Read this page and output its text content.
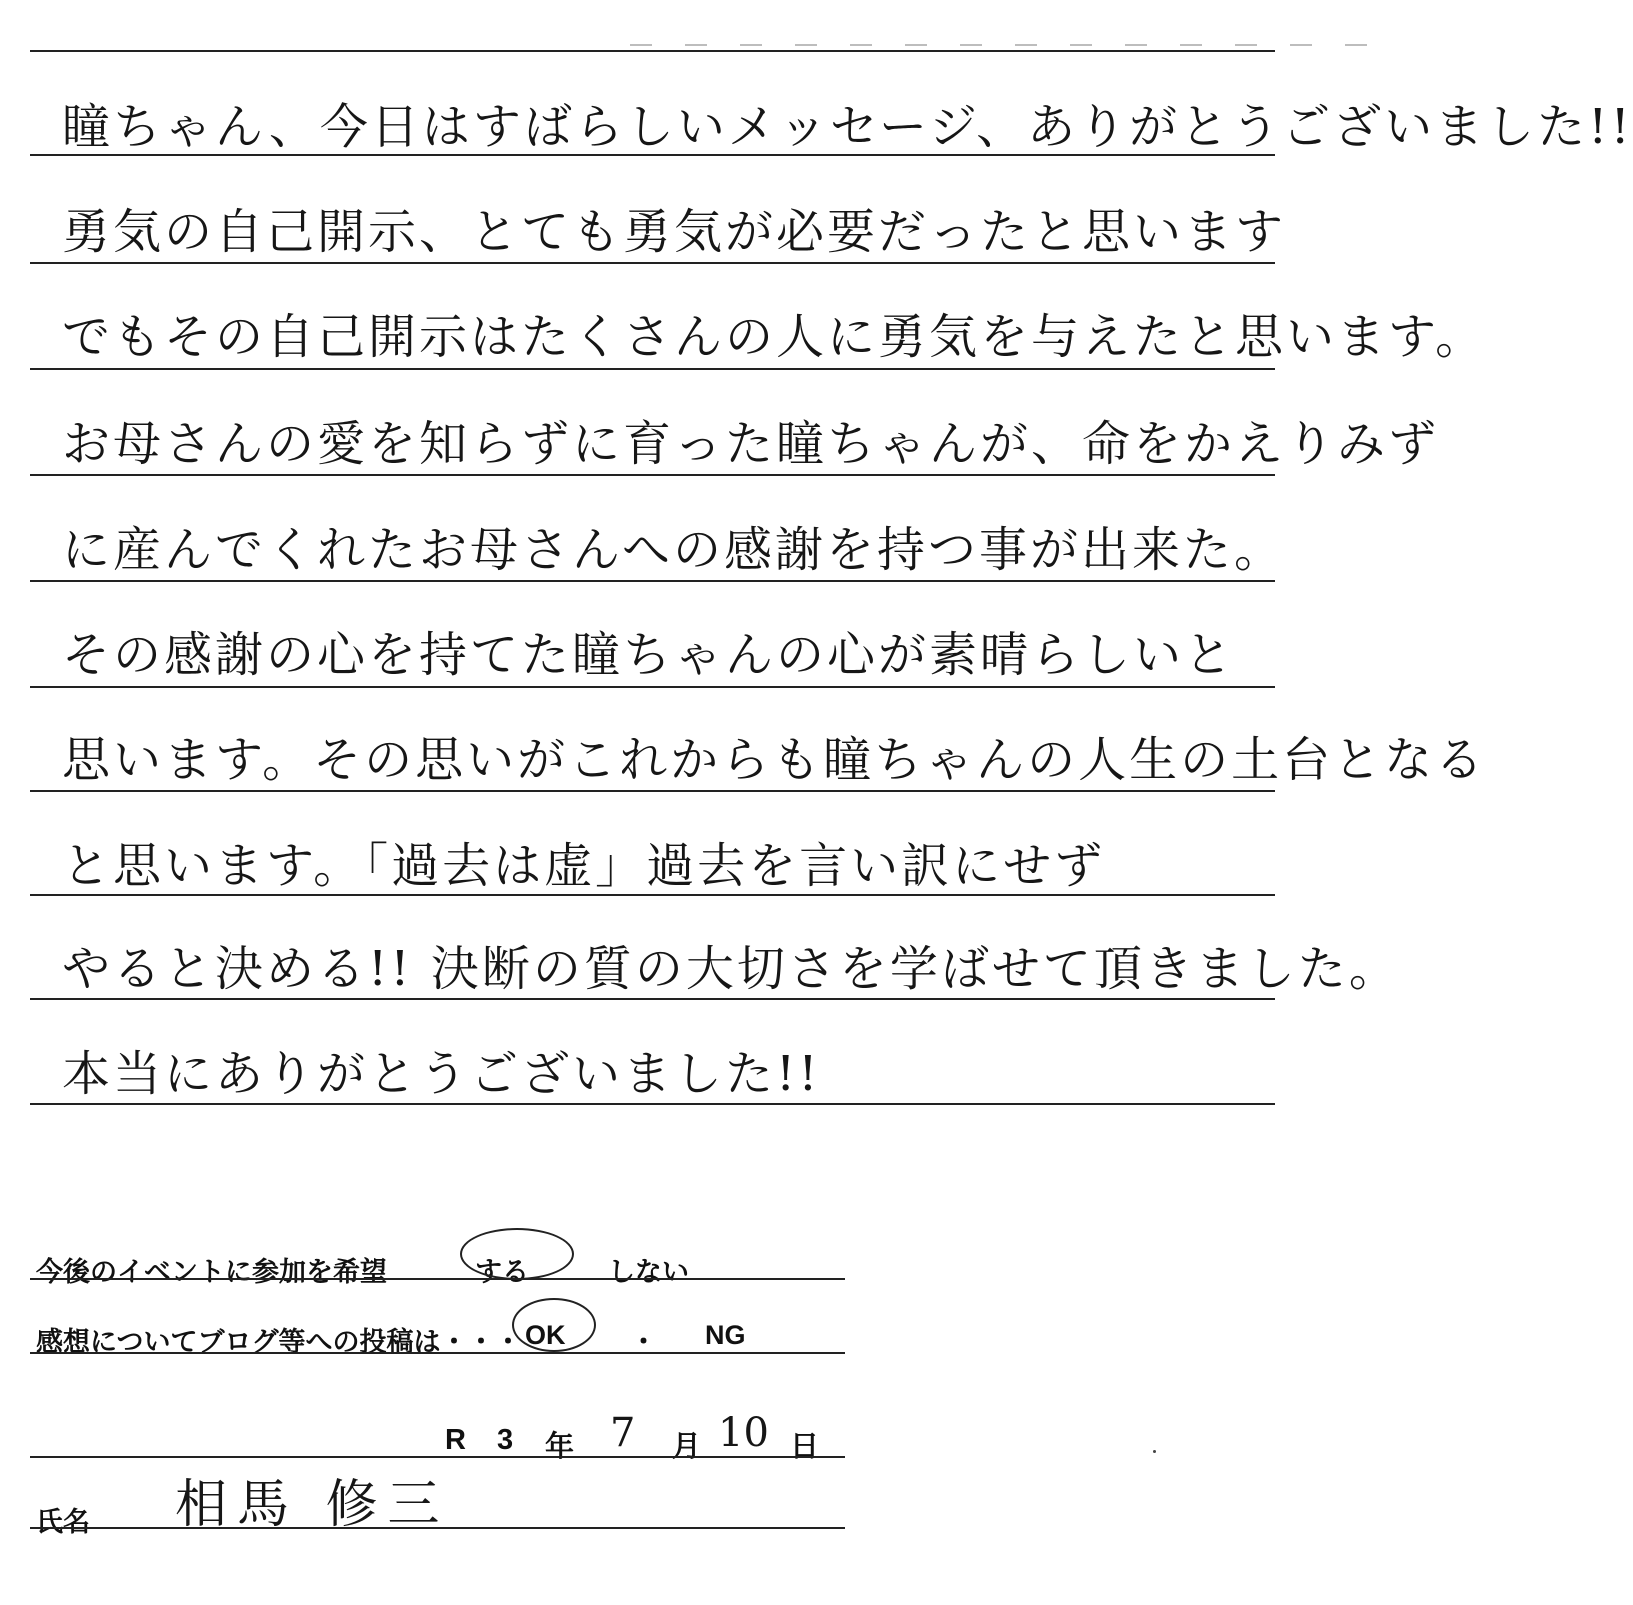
瞳ちゃん、今日はすばらしいメッセージ、ありがとうございました!!
勇気の自己開示、とても勇気が必要だったと思います
でもその自己開示はたくさんの人に勇気を与えたと思います。
お母さんの愛を知らずに育った瞳ちゃんが、命をかえりみず
に産んでくれたお母さんへの感謝を持つ事が出来た。
その感謝の心を持てた瞳ちゃんの心が素晴らしいと
思います。その思いがこれからも瞳ちゃんの人生の土台となる
と思います。「過去は虚」過去を言い訳にせず
やると決める!! 決断の質の大切さを学ばせて頂きました。
本当にありがとうございました!!
今後のイベントに参加を希望	する	しない
感想についてブログ等への投稿は・・・ OK ・ NG
R 3 年 7 月 10 日
氏名 相馬 修三
